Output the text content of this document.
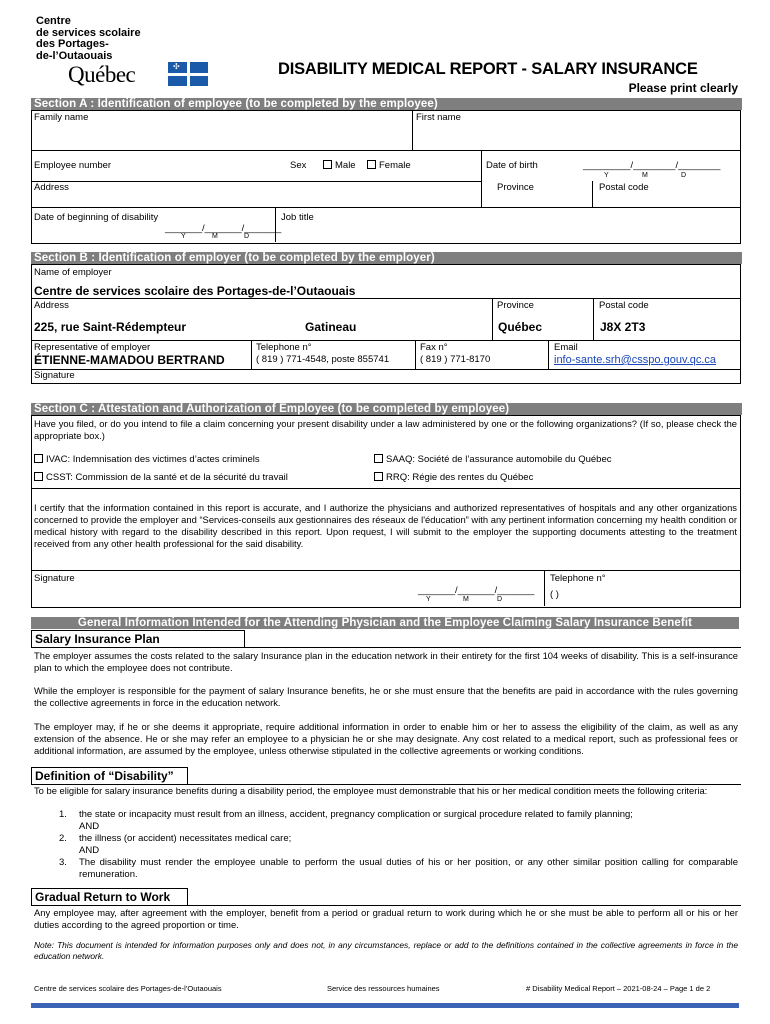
Centre
de services scolaire
des Portages-
de-l’Outaouais
Québec
✣	DISABILITY MEDICAL REPORT - SALARY INSURANCE
Please print clearly
Section A : Identification of employee (to be completed by the employee)
Family name	First name
Employee number	Sex	Male	Female	Date of birth	_________/________/________
Y	M	D
Address	Province	Postal code
Date of beginning of disability
_______/_______/_______
Y	M	D
Job title
Section B : Identification of employer (to be completed by the employer)
Name of employer
Centre de services scolaire des Portages-de-l’Outaouais
Address	Province	Postal code
225, rue Saint-Rédempteur	Gatineau	Québec	J8X 2T3
Representative of employer
ÉTIENNE-MAMADOU BERTRAND
Telephone n°
( 819 ) 771-4548, poste 855741
Fax n°
( 819 ) 771-8170
Email
info-sante.srh@csspo.gouv.qc.ca
Signature
Section C : Attestation and Authorization of Employee (to be completed by employee)
Have you filed, or do you intend to file a claim concerning your present disability under a law administered by one or the following organizations? (If so, please check the appropriate box.)
IVAC: Indemnisation des victimes d’actes criminels	SAAQ: Société de l’assurance automobile du Québec
CSST: Commission de la santé et de la sécurité du travail	RRQ: Régie des rentes du Québec
I certify that the information contained in this report is accurate, and I authorize the physicians and authorized representatives of hospitals and any other organizations concerned to provide the employer and “Services-conseils aux gestionnaires des réseaux de l'éducation” with any pertinent information concerning my health condition or medical history with regard to the disability described in this report. Upon request, I will submit to the employer the supporting documents attesting to the treatment received from any other health professional for the said disability.
Signature
_______/_______/_______
Y	M	D
Telephone n°
( )
General Information Intended for the Attending Physician and the Employee Claiming Salary Insurance Benefit
Salary Insurance Plan
The employer assumes the costs related to the salary Insurance plan in the education network in their entirety for the first 104 weeks of disability. This is a self-insurance plan to which the employee does not contribute.
While the employer is responsible for the payment of salary Insurance benefits, he or she must ensure that the benefits are paid in accordance with the rules governing the collective agreements in force in the education network.
The employer may, if he or she deems it appropriate, require additional information in order to enable him or her to assess the eligibility of the claim, as well as any extension of the absence. He or she may refer an employee to a physician he or she may designate. Any cost related to a medical report, such as professional fees or additional information, are assumed by the employee, unless otherwise stipulated in the collective agreements or working conditions.
Definition of “Disability”
To be eligible for salary insurance benefits during a disability period, the employee must demonstrable that his or her medical condition meets the following criteria:
1. the state or incapacity must result from an illness, accident, pregnancy complication or surgical procedure related to family planning;
AND
2. the illness (or accident) necessitates medical care;
AND
3. The disability must render the employee unable to perform the usual duties of his or her position, or any other similar position calling for comparable remuneration.
Gradual Return to Work
Any employee may, after agreement with the employer, benefit from a period or gradual return to work during which he or she must be able to perform all or his or her duties according to the agreed proportion or time.
Note: This document is intended for information purposes only and does not, in any circumstances, replace or add to the definitions contained in the collective agreements in force in the education network.
Centre de services scolaire des Portages-de-l’Outaouais	Service des ressources humaines	# Disability Medical Report – 2021-08-24 – Page 1 de 2
